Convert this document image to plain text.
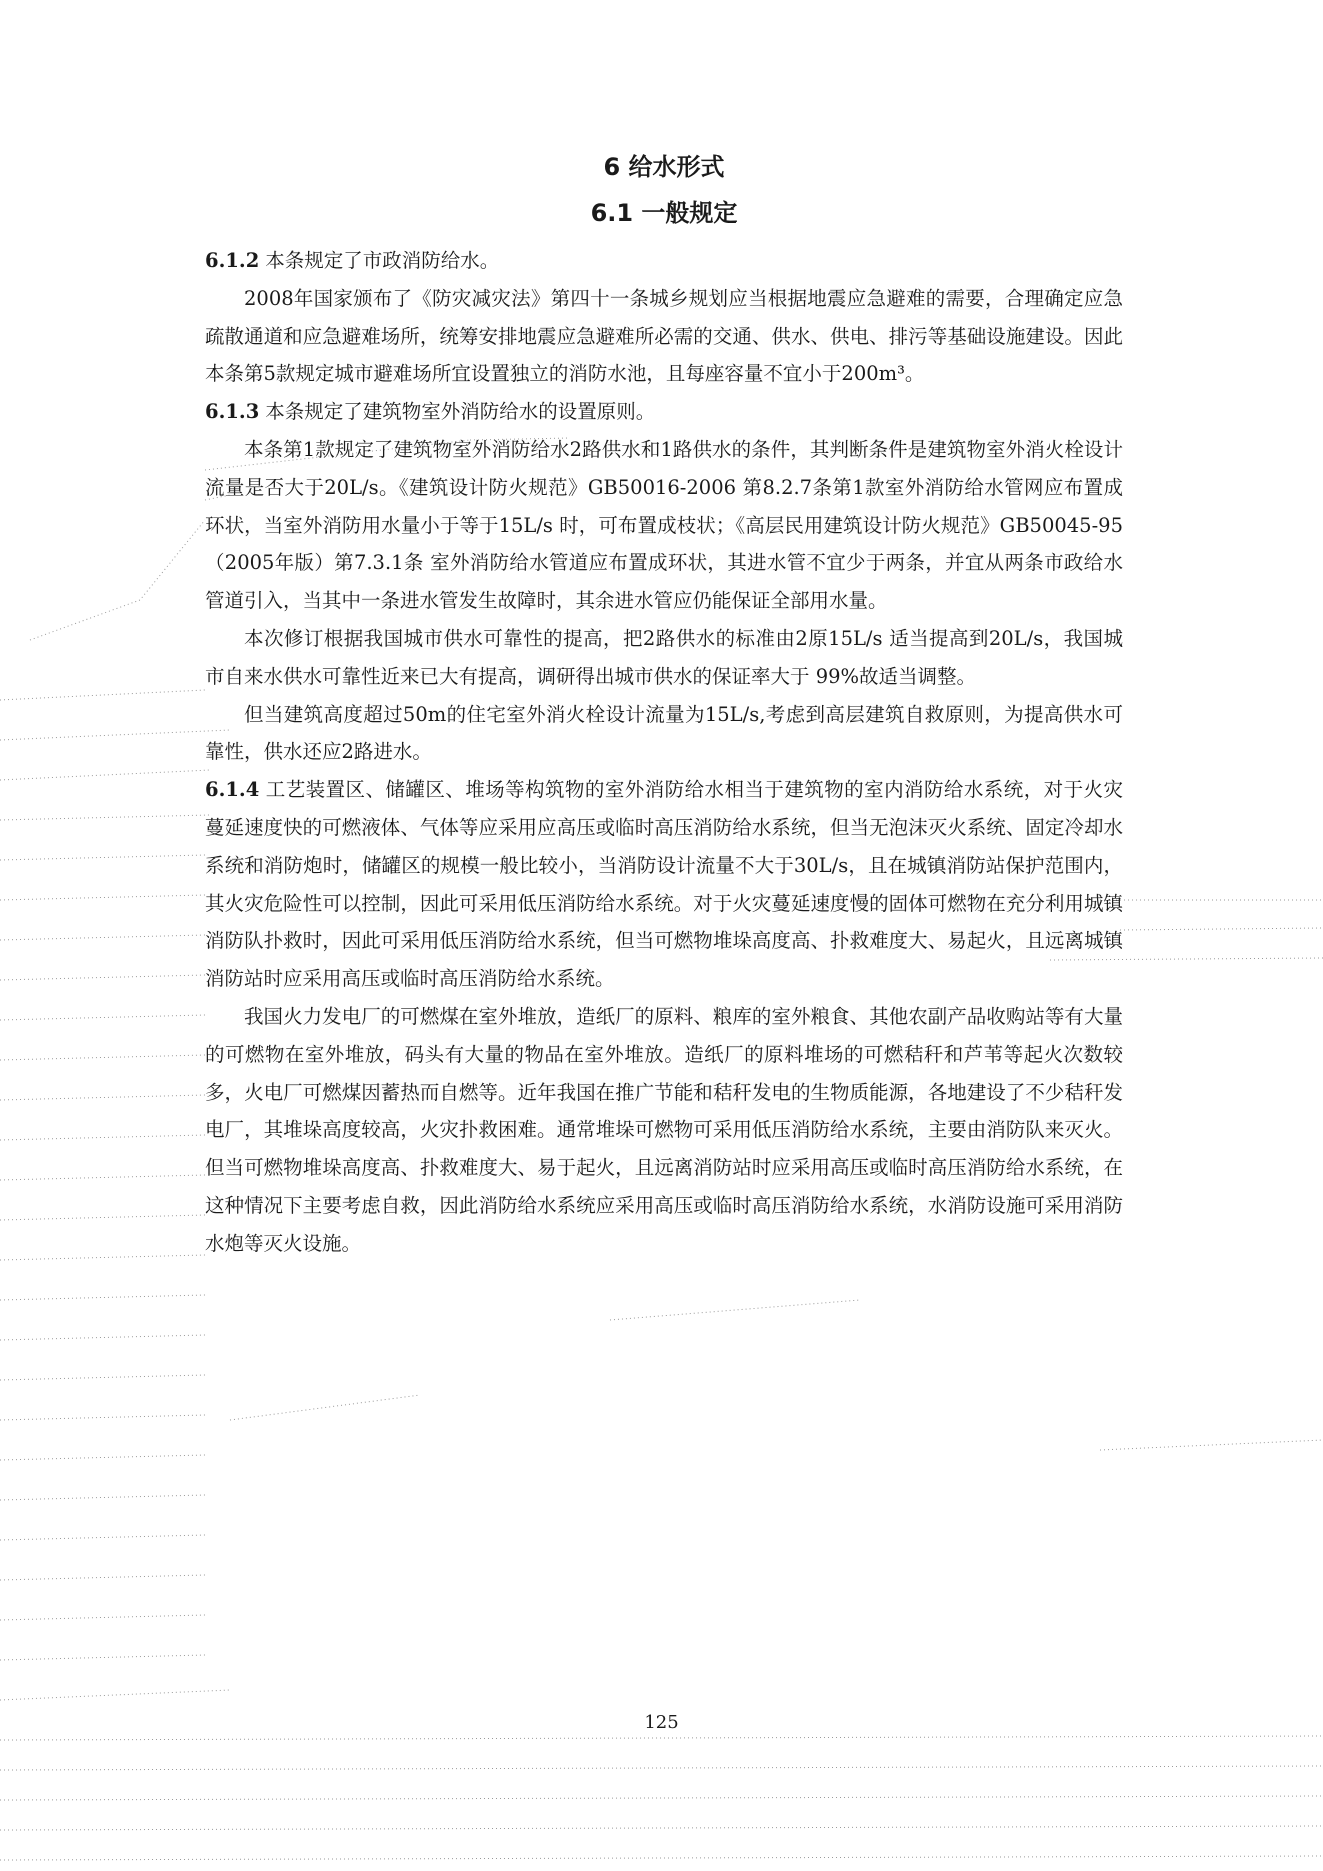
6 给水形式
6.1 一般规定

6.1.2 本条规定了市政消防给水。

2008年国家颁布了《防灾减灾法》第四十一条城乡规划应当根据地震应急避难的需要，合理确定应急疏散通道和应急避难场所，统筹安排地震应急避难所必需的交通、供水、供电、排污等基础设施建设。因此本条第5款规定城市避难场所宜设置独立的消防水池，且每座容量不宜小于200m³。

6.1.3 本条规定了建筑物室外消防给水的设置原则。

本条第1款规定了建筑物室外消防给水2路供水和1路供水的条件，其判断条件是建筑物室外消火栓设计流量是否大于20L/s。《建筑设计防火规范》GB50016-2006 第8.2.7条第1款室外消防给水管网应布置成环状，当室外消防用水量小于等于15L/s 时，可布置成枝状；《高层民用建筑设计防火规范》GB50045-95（2005年版）第7.3.1条 室外消防给水管道应布置成环状，其进水管不宜少于两条，并宜从两条市政给水管道引入，当其中一条进水管发生故障时，其余进水管应仍能保证全部用水量。

本次修订根据我国城市供水可靠性的提高，把2路供水的标准由2原15L/s 适当提高到20L/s，我国城市自来水供水可靠性近来已大有提高，调研得出城市供水的保证率大于 99%故适当调整。

但当建筑高度超过50m的住宅室外消火栓设计流量为15L/s,考虑到高层建筑自救原则，为提高供水可靠性，供水还应2路进水。

6.1.4 工艺装置区、储罐区、堆场等构筑物的室外消防给水相当于建筑物的室内消防给水系统，对于火灾蔓延速度快的可燃液体、气体等应采用应高压或临时高压消防给水系统，但当无泡沫灭火系统、固定冷却水系统和消防炮时，储罐区的规模一般比较小，当消防设计流量不大于30L/s，且在城镇消防站保护范围内，其火灾危险性可以控制，因此可采用低压消防给水系统。对于火灾蔓延速度慢的固体可燃物在充分利用城镇消防队扑救时，因此可采用低压消防给水系统，但当可燃物堆垛高度高、扑救难度大、易起火，且远离城镇消防站时应采用高压或临时高压消防给水系统。

我国火力发电厂的可燃煤在室外堆放，造纸厂的原料、粮库的室外粮食、其他农副产品收购站等有大量的可燃物在室外堆放，码头有大量的物品在室外堆放。造纸厂的原料堆场的可燃秸秆和芦苇等起火次数较多，火电厂可燃煤因蓄热而自燃等。近年我国在推广节能和秸秆发电的生物质能源，各地建设了不少秸秆发电厂，其堆垛高度较高，火灾扑救困难。通常堆垛可燃物可采用低压消防给水系统，主要由消防队来灭火。但当可燃物堆垛高度高、扑救难度大、易于起火，且远离消防站时应采用高压或临时高压消防给水系统，在这种情况下主要考虑自救，因此消防给水系统应采用高压或临时高压消防给水系统，水消防设施可采用消防水炮等灭火设施。

125
